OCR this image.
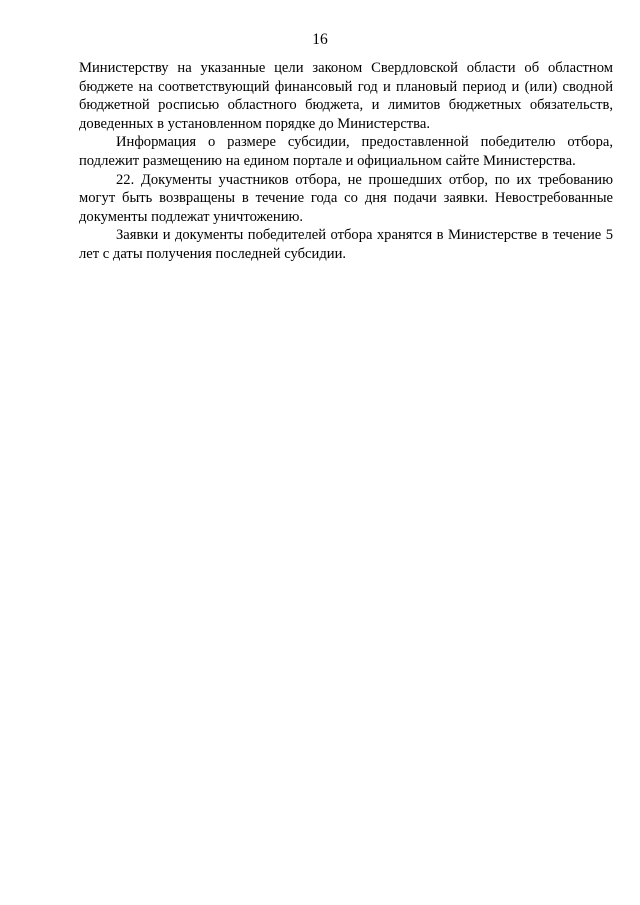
16

Министерству на указанные цели законом Свердловской области об областном бюджете на соответствующий финансовый год и плановый период и (или) сводной бюджетной росписью областного бюджета, и лимитов бюджетных обязательств, доведенных в установленном порядке до Министерства.

Информация о размере субсидии, предоставленной победителю отбора, подлежит размещению на едином портале и официальном сайте Министерства.

22. Документы участников отбора, не прошедших отбор, по их требованию могут быть возвращены в течение года со дня подачи заявки. Невостребованные документы подлежат уничтожению.

Заявки и документы победителей отбора хранятся в Министерстве в течение 5 лет с даты получения последней субсидии.
